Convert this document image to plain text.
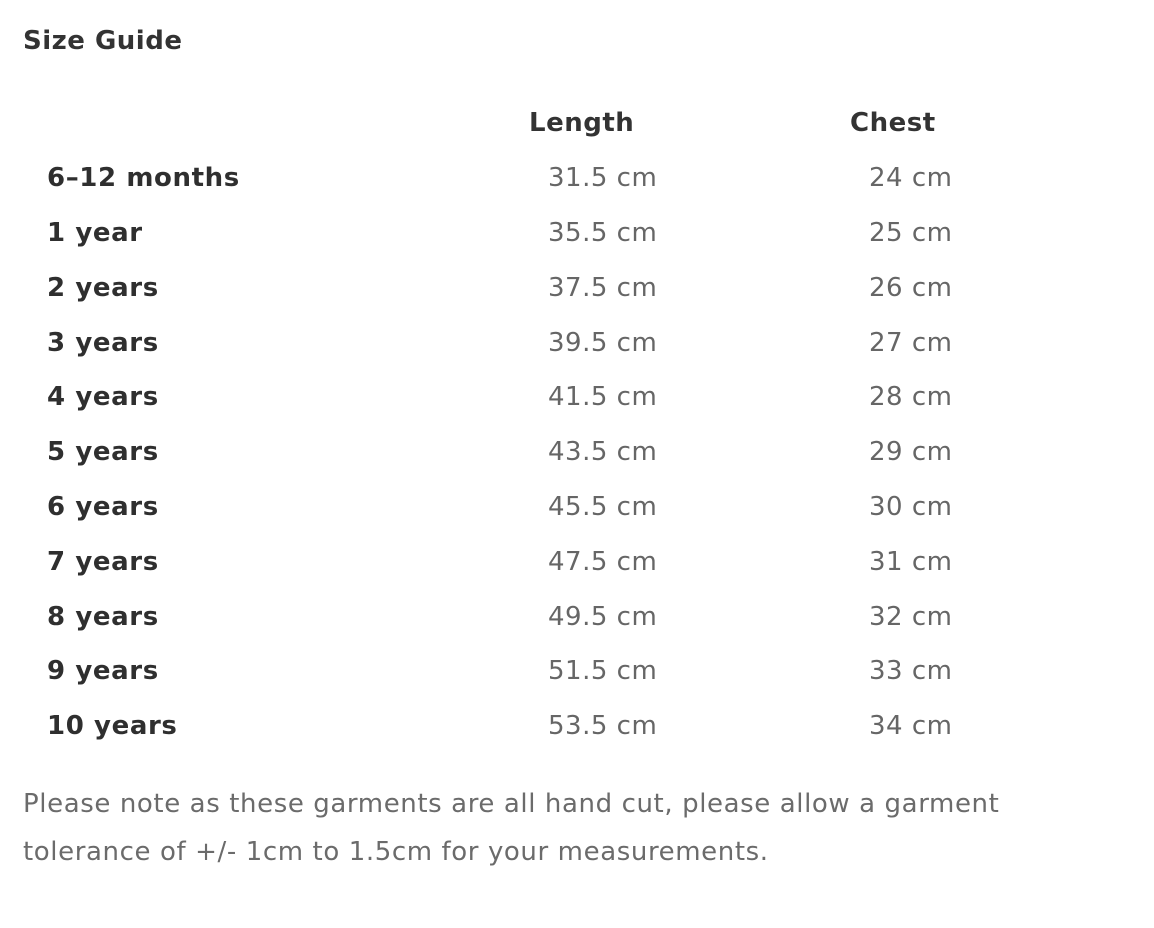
Size Guide
	Length	Chest
6–12 months	31.5 cm	24 cm
1 year	35.5 cm	25 cm
2 years	37.5 cm	26 cm
3 years	39.5 cm	27 cm
4 years	41.5 cm	28 cm
5 years	43.5 cm	29 cm
6 years	45.5 cm	30 cm
7 years	47.5 cm	31 cm
8 years	49.5 cm	32 cm
9 years	51.5 cm	33 cm
10 years	53.5 cm	34 cm
Please note as these garments are all hand cut, please allow a garment
tolerance of +/- 1cm to 1.5cm for your measurements.
